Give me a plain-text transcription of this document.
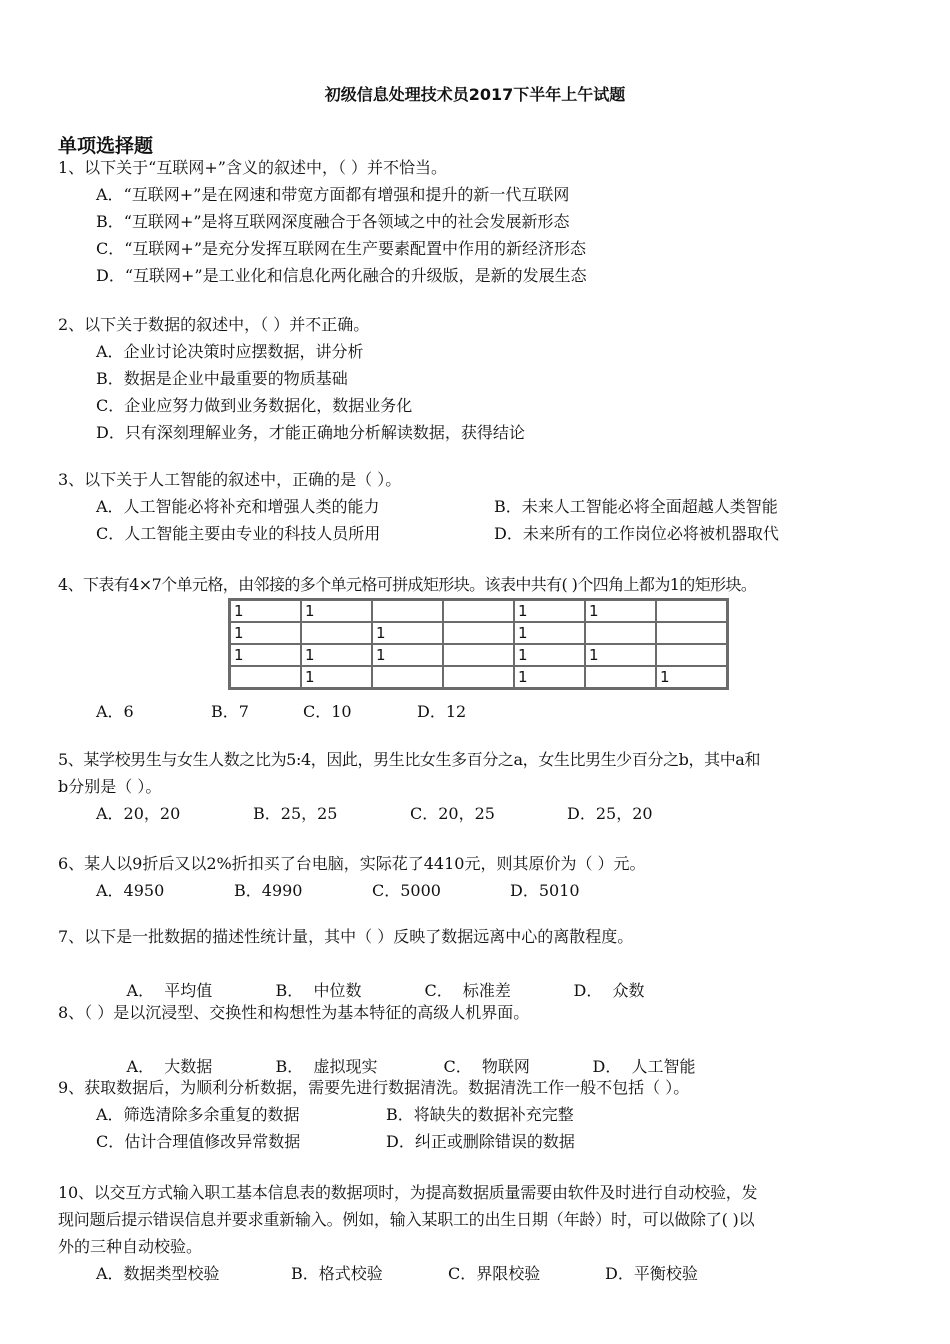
初级信息处理技术员2017下半年上午试题
单项选择题
1、以下关于“互联网+”含义的叙述中，（ ）并不恰当。
A．“互联网+”是在网速和带宽方面都有增强和提升的新一代互联网
B．“互联网+”是将互联网深度融合于各领域之中的社会发展新形态
C．“互联网+”是充分发挥互联网在生产要素配置中作用的新经济形态
D．“互联网+”是工业化和信息化两化融合的升级版，是新的发展生态
2、以下关于数据的叙述中，（ ）并不正确。
A．企业讨论决策时应摆数据，讲分析
B．数据是企业中最重要的物质基础
C．企业应努力做到业务数据化，数据业务化
D．只有深刻理解业务，才能正确地分析解读数据，获得结论
3、以下关于人工智能的叙述中，正确的是（ ）。
A．人工智能必将补充和增强人类的能力	B．未来人工智能必将全面超越人类智能
C．人工智能主要由专业的科技人员所用	D．未来所有的工作岗位必将被机器取代
4、下表有4×7个单元格，由邻接的多个单元格可拼成矩形块。该表中共有( )个四角上都为1的矩形块。
1	1			1	1	
1		1		1		
1	1	1		1	1	
	1			1		1
A．6	B．7	C．10	D．12
5、某学校男生与女生人数之比为5:4，因此，男生比女生多百分之a，女生比男生少百分之b，其中a和
b分别是（ ）。
A．20，20	B．25，25	C．20，25	D．25，20
6、某人以9折后又以2%折扣买了台电脑，实际花了4410元，则其原价为（ ）元。
A．4950	B．4990	C．5000	D．5010
7、以下是一批数据的描述性统计量，其中（ ）反映了数据远离中心的离散程度。

A．  平均值	B．  中位数	C．  标准差	D．  众数

8、（ ）是以沉浸型、交换性和构想性为基本特征的高级人机界面。

A．  大数据	B．  虚拟现实	C．  物联网	D．  人工智能

9、获取数据后，为顺利分析数据，需要先进行数据清洗。数据清洗工作一般不包括（ ）。
A．筛选清除多余重复的数据	B．将缺失的数据补充完整
C．估计合理值修改异常数据	D．纠正或删除错误的数据
10、以交互方式输入职工基本信息表的数据项时，为提高数据质量需要由软件及时进行自动校验，发
现问题后提示错误信息并要求重新输入。例如，输入某职工的出生日期（年龄）时，可以做除了( )以
外的三种自动校验。
A．数据类型校验	B．格式校验	C．界限校验	D．平衡校验
